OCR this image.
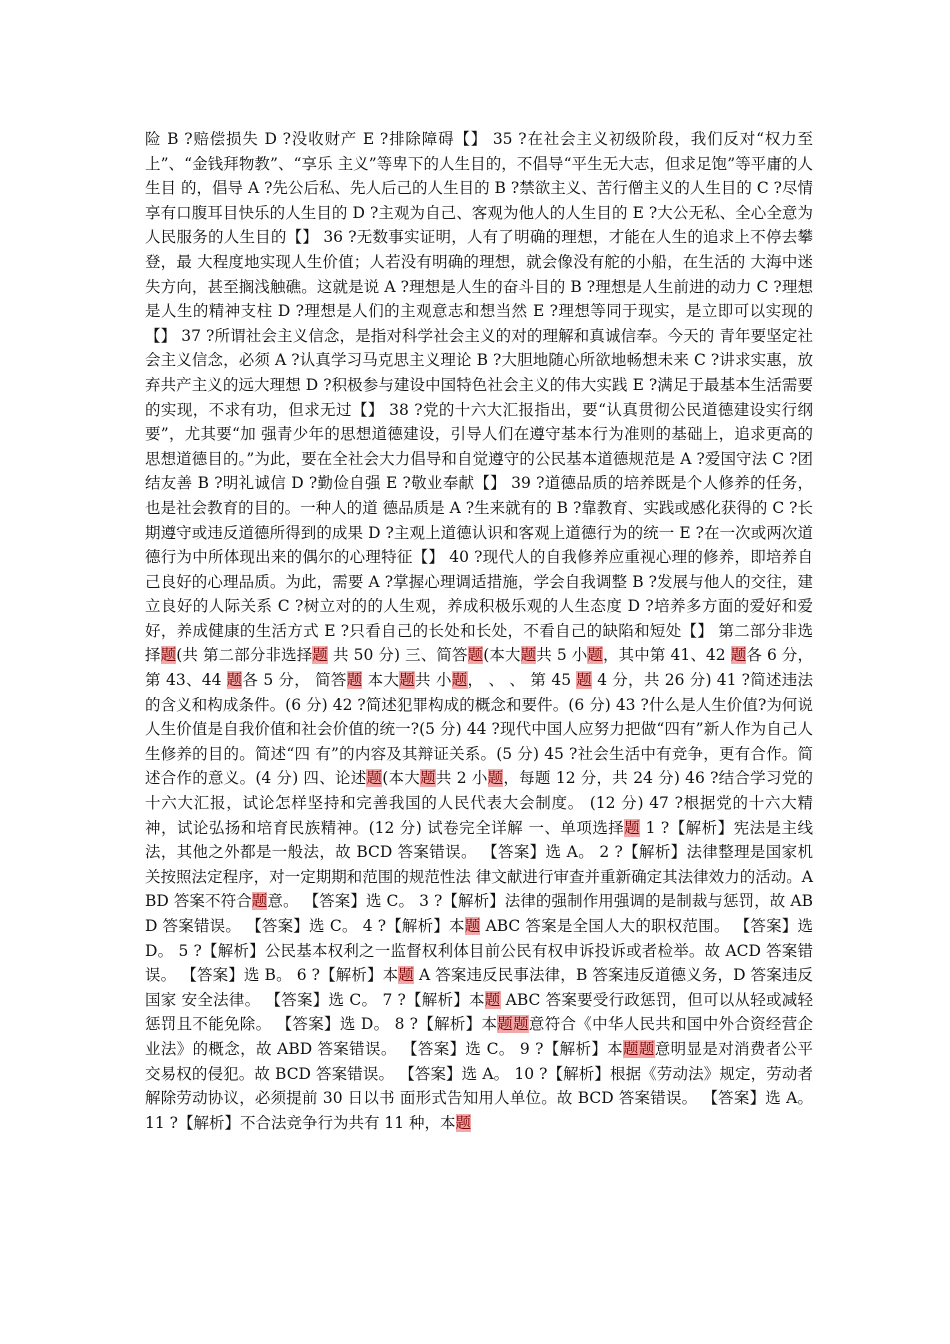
险 B ?赔偿损失 D ?没收财产 E ?排除障碍【】 35 ?在社会主义初级阶段，我们反对“权力至上”、“金钱拜物教”、“享乐 主义”等卑下的人生目的，不倡导“平生无大志，但求足饱”等平庸的人生目 的，倡导 A ?先公后私、先人后己的人生目的 B ?禁欲主义、苦行僧主义的人生目的 C ?尽情享有口腹耳目快乐的人生目的 D ?主观为自己、客观为他人的人生目的 E ?大公无私、全心全意为人民服务的人生目的【】 36 ?无数事实证明，人有了明确的理想，才能在人生的追求上不停去攀登，最 大程度地实现人生价值；人若没有明确的理想，就会像没有舵的小船，在生活的 大海中迷失方向，甚至搁浅触礁。这就是说 A ?理想是人生的奋斗目的 B ?理想是人生前进的动力 C ?理想是人生的精神支柱 D ?理想是人们的主观意志和想当然 E ?理想等同于现实，是立即可以实现的【】 37 ?所谓社会主义信念，是指对科学社会主义的对的理解和真诚信奉。今天的 青年要坚定社会主义信念，必须 A ?认真学习马克思主义理论 B ?大胆地随心所欲地畅想未来 C ?讲求实惠，放弃共产主义的远大理想 D ?积极参与建设中国特色社会主义的伟大实践 E ?满足于最基本生活需要的实现，不求有功，但求无过【】 38 ?党的十六大汇报指出，要“认真贯彻公民道德建设实行纲要”，尤其要“加 强青少年的思想道德建设，引导人们在遵守基本行为准则的基础上，追求更高的 思想道德目的。”为此，要在全社会大力倡导和自觉遵守的公民基本道德规范是 A ?爱国守法 C ?团结友善 B ?明礼诚信 D ?勤俭自强 E ?敬业奉献【】 39 ?道德品质的培养既是个人修养的任务，也是社会教育的目的。一种人的道 德品质是 A ?生来就有的 B ?靠教育、实践或感化获得的 C ?长期遵守或违反道德所得到的成果 D ?主观上道德认识和客观上道德行为的统一 E ?在一次或两次道德行为中所体现出来的偶尔的心理特征【】 40 ?现代人的自我修养应重视心理的修养，即培养自己良好的心理品质。为此，需要 A ?掌握心理调适措施，学会自我调整 B ?发展与他人的交往，建立良好的人际关系 C ?树立对的的人生观，养成积极乐观的人生态度 D ?培养多方面的爱好和爱好，养成健康的生活方式 E ?只看自己的长处和长处，不看自己的缺陷和短处【】 第二部分非选择题(共 第二部分非选择题 共 50 分) 三、简答题(本大题共 5 小题，其中第 41、42 题各 6 分，第 43、44 题各 5 分， 简答题 本大题共 小题， 、 、 第 45 题 4 分，共 26 分) 41 ?简述违法的含义和构成条件。(6 分) 42 ?简述犯罪构成的概念和要件。(6 分) 43 ?什么是人生价值?为何说人生价值是自我价值和社会价值的统一?(5 分) 44 ?现代中国人应努力把做“四有”新人作为自己人生修养的目的。简述“四 有”的内容及其辩证关系。(5 分) 45 ?社会生活中有竞争，更有合作。简述合作的意义。(4 分) 四、论述题(本大题共 2 小题，每题 12 分，共 24 分) 46 ?结合学习党的十六大汇报，试论怎样坚持和完善我国的人民代表大会制度。 (12 分) 47 ?根据党的十六大精神，试论弘扬和培育民族精神。(12 分) 试卷完全详解 一、单项选择题 1 ?【解析】宪法是主线法，其他之外都是一般法，故 BCD 答案错误。 【答案】选 A。 2 ?【解析】法律整理是国家机关按照法定程序，对一定期期和范围的规范性法 律文献进行审查并重新确定其法律效力的活动。ABD 答案不符合题意。 【答案】选 C。 3 ?【解析】法律的强制作用强调的是制裁与惩罚，故 ABD 答案错误。 【答案】选 C。 4 ?【解析】本题 ABC 答案是全国人大的职权范围。 【答案】选 D。 5 ?【解析】公民基本权利之一监督权利体目前公民有权申诉投诉或者检举。故 ACD 答案错误。 【答案】选 B。 6 ?【解析】本题 A 答案违反民事法律，B 答案违反道德义务，D 答案违反国家 安全法律。 【答案】选 C。 7 ?【解析】本题 ABC 答案要受行政惩罚，但可以从轻或减轻惩罚且不能免除。 【答案】选 D。 8 ?【解析】本题题意符合《中华人民共和国中外合资经营企业法》的概念，故 ABD 答案错误。 【答案】选 C。 9 ?【解析】本题题意明显是对消费者公平交易权的侵犯。故 BCD 答案错误。 【答案】选 A。 10 ?【解析】根据《劳动法》规定，劳动者解除劳动协议，必须提前 30 日以书 面形式告知用人单位。故 BCD 答案错误。 【答案】选 A。 11 ?【解析】不合法竞争行为共有 11 种，本题
